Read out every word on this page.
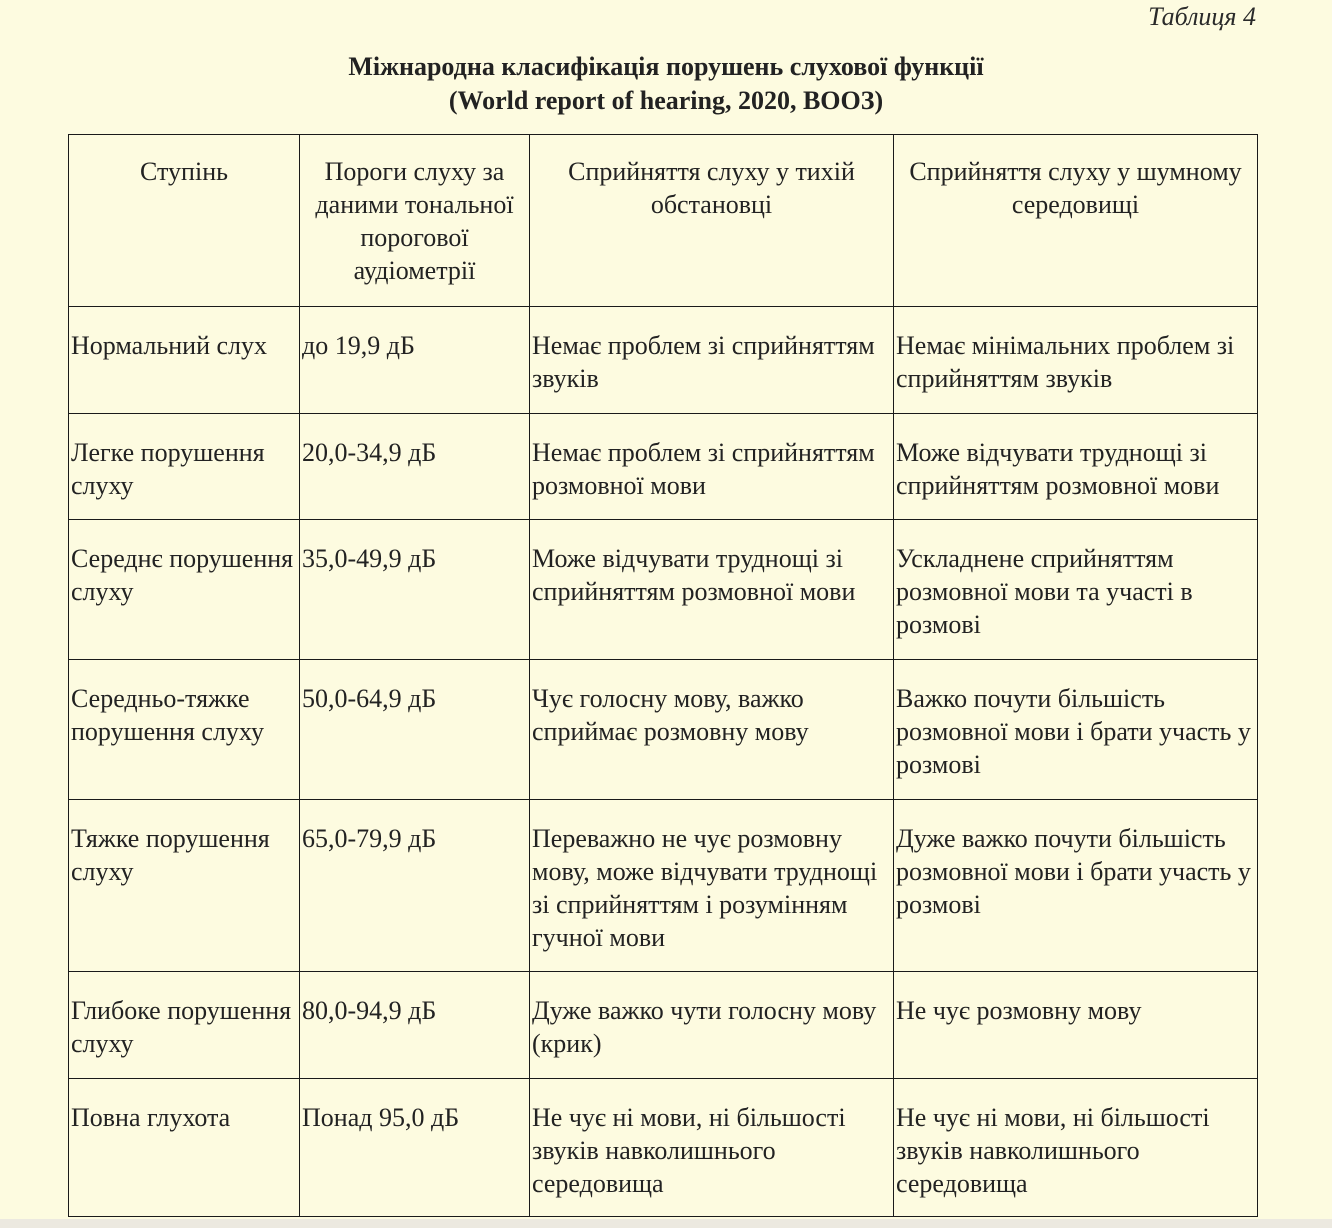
Таблиця 4
Міжнародна класифікація порушень слухової функції
(World report of hearing, 2020, ВООЗ)
Ступінь	Пороги слуху за даними тональної порогової аудіометрії	Сприйняття слуху у тихій обстановці	Сприйняття слуху у шумному середовищі
Нормальний слух	до 19,9 дБ	Немає проблем зі сприйняттям звуків	Немає мінімальних проблем зі сприйняттям звуків
Легке порушення слуху	20,0-34,9 дБ	Немає проблем зі сприйняттям розмовної мови	Може відчувати труднощі зі сприйняттям розмовної мови
Середнє порушення слуху	35,0-49,9 дБ	Може відчувати труднощі зі сприйняттям розмовної мови	Ускладнене сприйняттям розмовної мови та участі в розмові
Середньо-тяжке порушення слуху	50,0-64,9 дБ	Чує голосну мову, важко сприймає розмовну мову	Важко почути більшість розмовної мови і брати участь у розмові
Тяжке порушення слуху	65,0-79,9 дБ	Переважно не чує розмовну мову, може відчувати труднощі зі сприйняттям і розумінням гучної мови	Дуже важко почути більшість розмовної мови і брати участь у розмові
Глибоке порушення слуху	80,0-94,9 дБ	Дуже важко чути голосну мову (крик)	Не чує розмовну мову
Повна глухота	Понад 95,0 дБ	Не чує ні мови, ні більшості звуків навколишнього середовища	Не чує ні мови, ні більшості звуків навколишнього середовища
